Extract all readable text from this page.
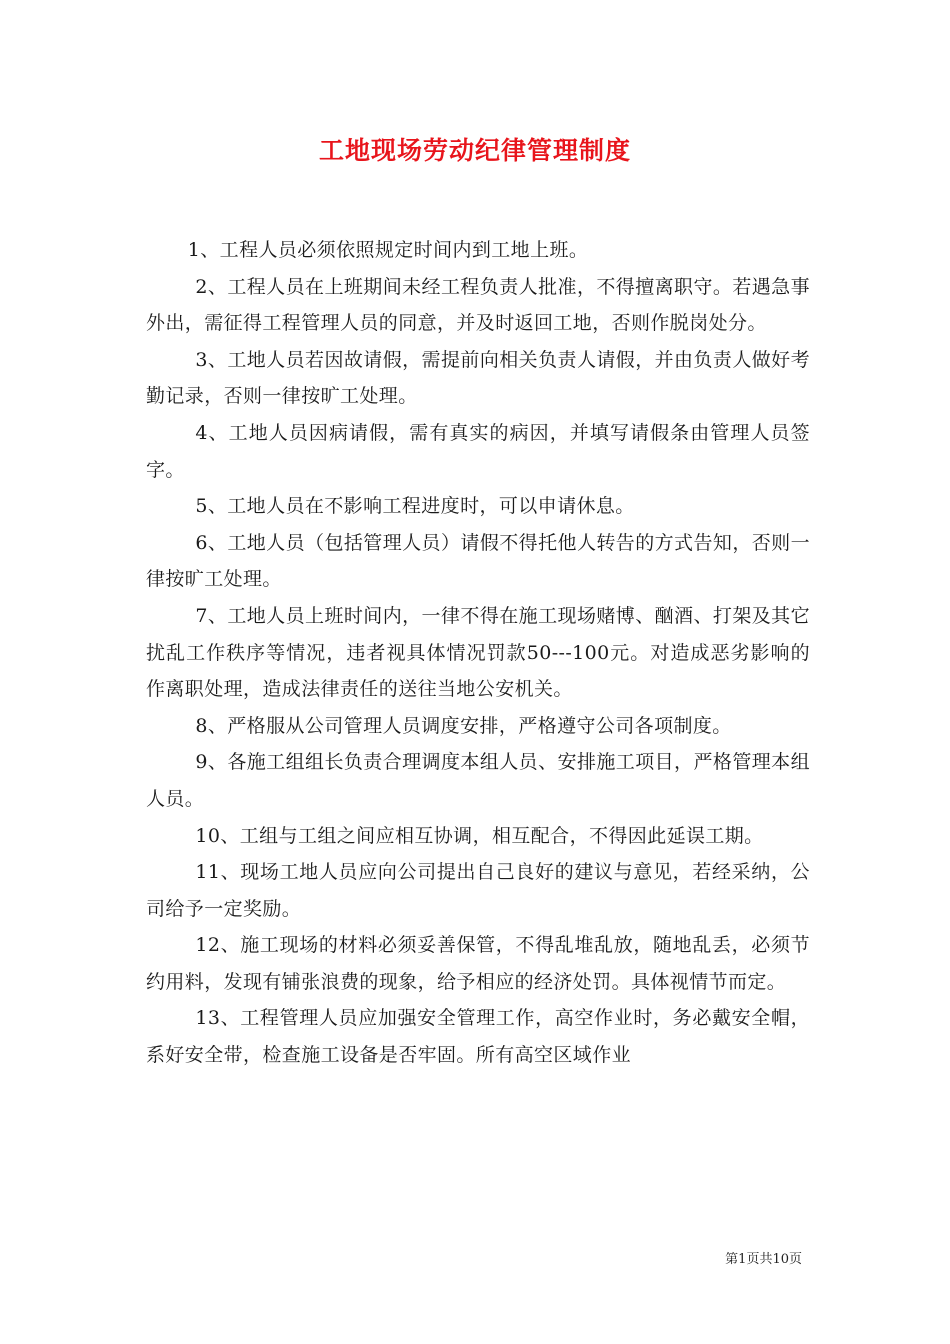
工地现场劳动纪律管理制度

1、工程人员必须依照规定时间内到工地上班。

2、工程人员在上班期间未经工程负责人批准，不得擅离职守。若遇急事外出，需征得工程管理人员的同意，并及时返回工地，否则作脱岗处分。

3、工地人员若因故请假，需提前向相关负责人请假，并由负责人做好考勤记录，否则一律按旷工处理。

4、工地人员因病请假，需有真实的病因，并填写请假条由管理人员签字。

5、工地人员在不影响工程进度时，可以申请休息。

6、工地人员（包括管理人员）请假不得托他人转告的方式告知，否则一律按旷工处理。

7、工地人员上班时间内，一律不得在施工现场赌博、酗酒、打架及其它扰乱工作秩序等情况，违者视具体情况罚款50---100元。对造成恶劣影响的作离职处理，造成法律责任的送往当地公安机关。

8、严格服从公司管理人员调度安排，严格遵守公司各项制度。

9、各施工组组长负责合理调度本组人员、安排施工项目，严格管理本组人员。

10、工组与工组之间应相互协调，相互配合，不得因此延误工期。

11、现场工地人员应向公司提出自己良好的建议与意见，若经采纳，公司给予一定奖励。

12、施工现场的材料必须妥善保管，不得乱堆乱放，随地乱丢，必须节约用料，发现有铺张浪费的现象，给予相应的经济处罚。具体视情节而定。

13、工程管理人员应加强安全管理工作，高空作业时，务必戴安全帽，系好安全带，检查施工设备是否牢固。所有高空区域作业

第1页共10页
